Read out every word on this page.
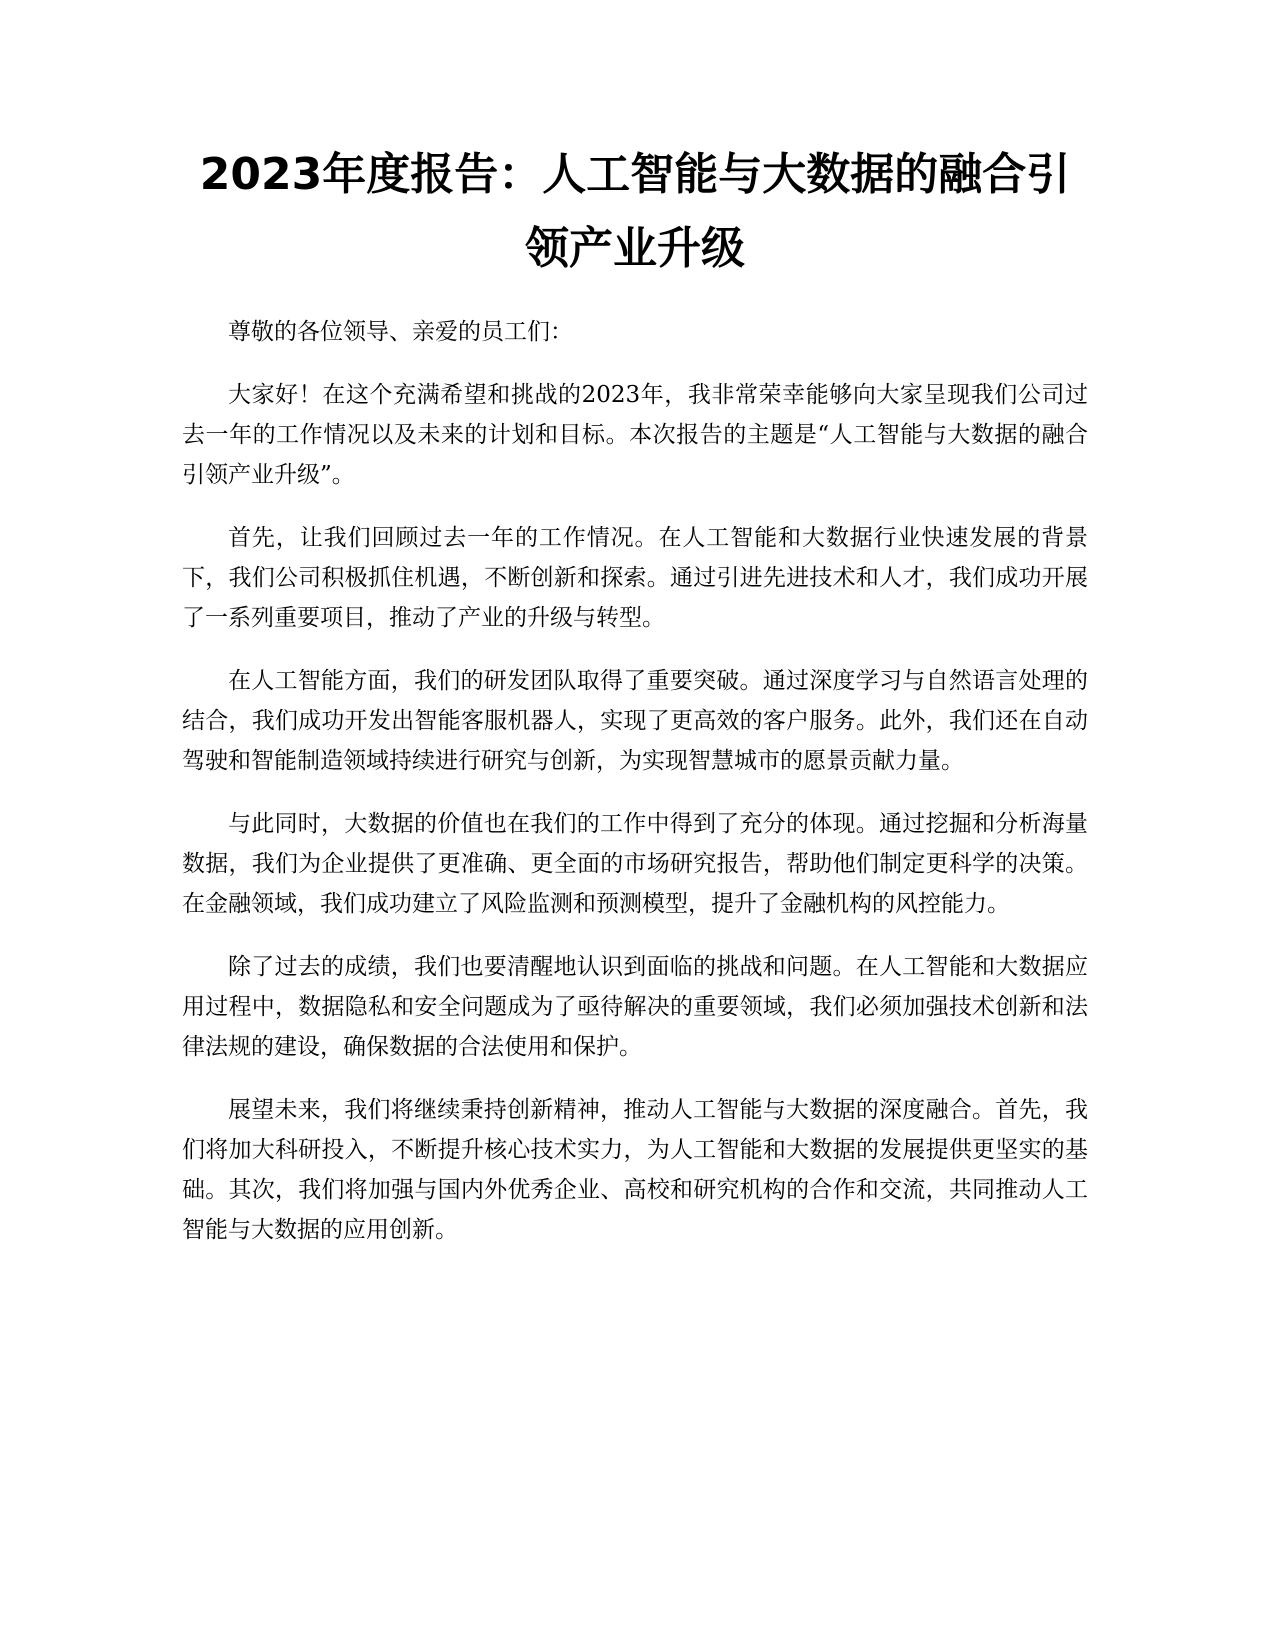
2023年度报告：人工智能与大数据的融合引领产业升级

尊敬的各位领导、亲爱的员工们：

大家好！在这个充满希望和挑战的2023年，我非常荣幸能够向大家呈现我们公司过去一年的工作情况以及未来的计划和目标。本次报告的主题是“人工智能与大数据的融合引领产业升级”。

首先，让我们回顾过去一年的工作情况。在人工智能和大数据行业快速发展的背景下，我们公司积极抓住机遇，不断创新和探索。通过引进先进技术和人才，我们成功开展了一系列重要项目，推动了产业的升级与转型。

在人工智能方面，我们的研发团队取得了重要突破。通过深度学习与自然语言处理的结合，我们成功开发出智能客服机器人，实现了更高效的客户服务。此外，我们还在自动驾驶和智能制造领域持续进行研究与创新，为实现智慧城市的愿景贡献力量。

与此同时，大数据的价值也在我们的工作中得到了充分的体现。通过挖掘和分析海量数据，我们为企业提供了更准确、更全面的市场研究报告，帮助他们制定更科学的决策。在金融领域，我们成功建立了风险监测和预测模型，提升了金融机构的风控能力。

除了过去的成绩，我们也要清醒地认识到面临的挑战和问题。在人工智能和大数据应用过程中，数据隐私和安全问题成为了亟待解决的重要领域，我们必须加强技术创新和法律法规的建设，确保数据的合法使用和保护。

展望未来，我们将继续秉持创新精神，推动人工智能与大数据的深度融合。首先，我们将加大科研投入，不断提升核心技术实力，为人工智能和大数据的发展提供更坚实的基础。其次，我们将加强与国内外优秀企业、高校和研究机构的合作和交流，共同推动人工智能与大数据的应用创新。
